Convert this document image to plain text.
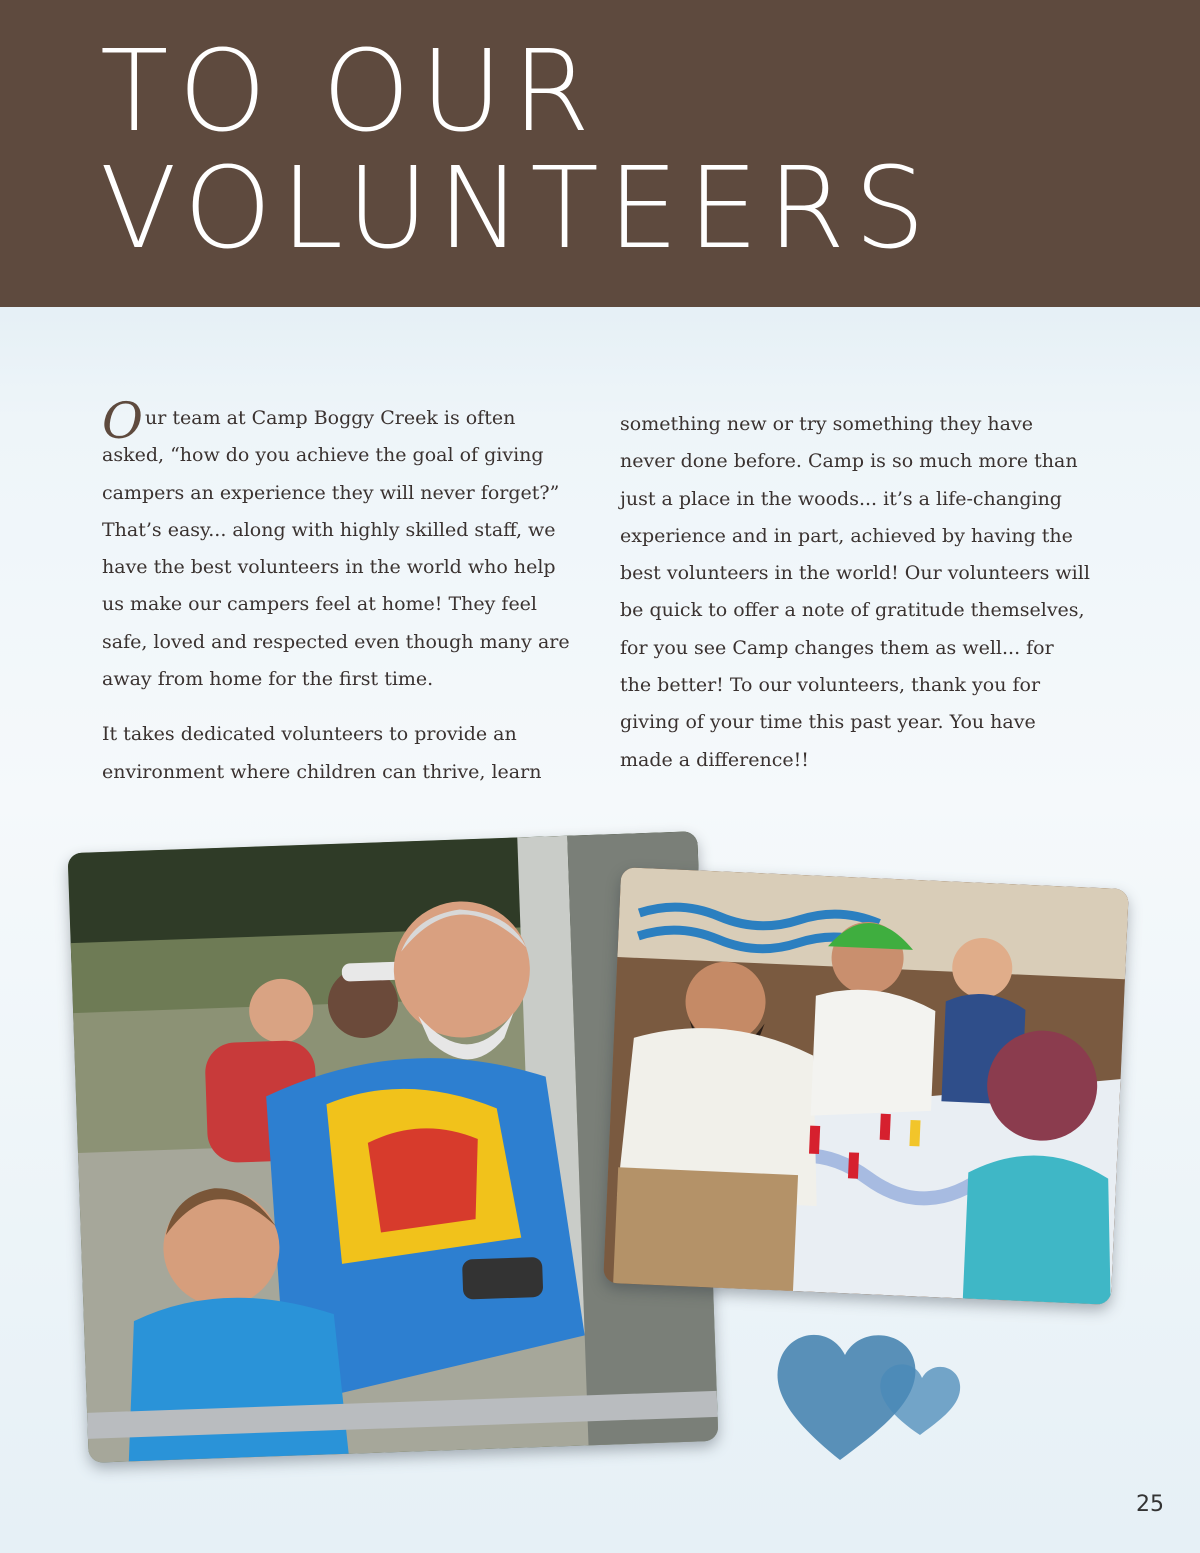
TO OUR
VOLUNTEERS

Our team at Camp Boggy Creek is often asked, “how do you achieve the goal of giving campers an experience they will never forget?” That’s easy... along with highly skilled staff, we have the best volunteers in the world who help us make our campers feel at home! They feel safe, loved and respected even though many are away from home for the first time.

It takes dedicated volunteers to provide an environment where children can thrive, learn

something new or try something they have never done before. Camp is so much more than just a place in the woods... it’s a life-changing experience and in part, achieved by having the best volunteers in the world! Our volunteers will be quick to offer a note of gratitude themselves, for you see Camp changes them as well... for the better! To our volunteers, thank you for giving of your time this past year. You have made a difference!!

25
